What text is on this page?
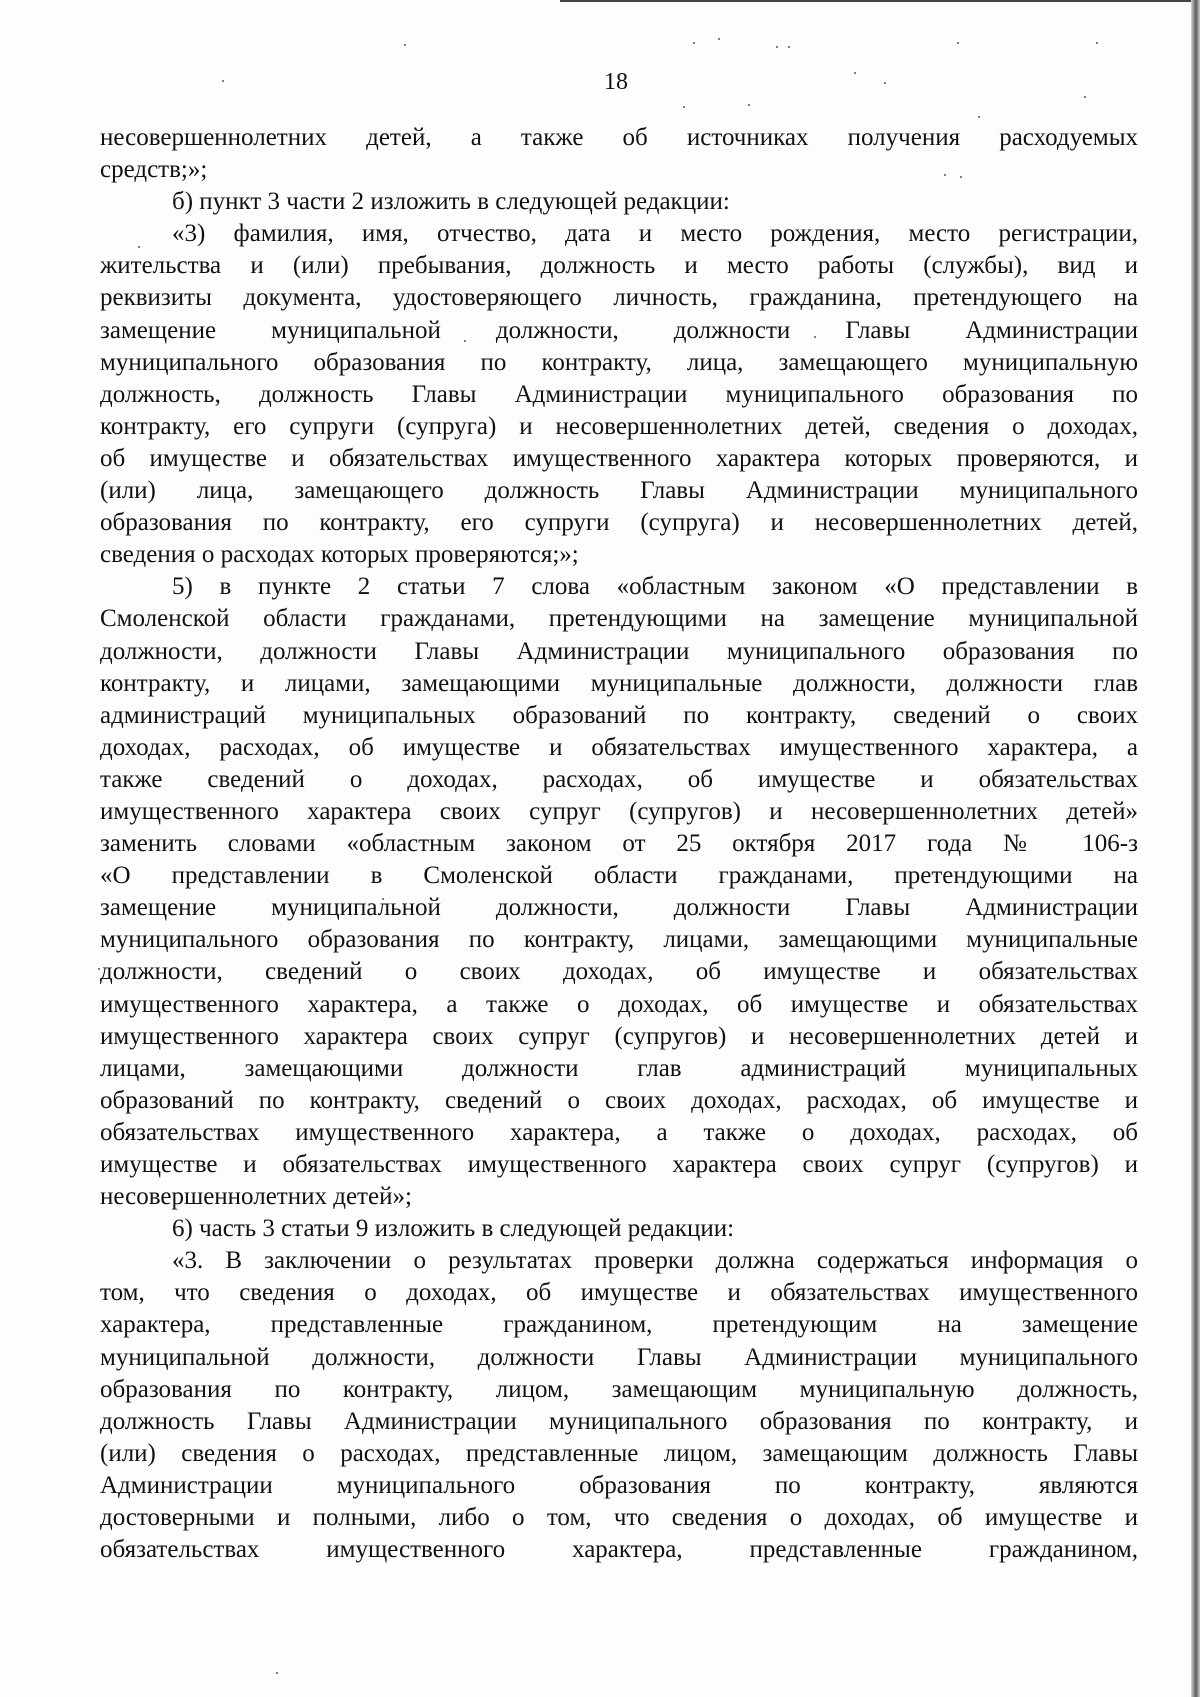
18
несовершеннолетних детей, а также об источниках получения расходуемых
средств;»;
б) пункт 3 части 2 изложить в следующей редакции:
«3) фамилия, имя, отчество, дата и место рождения, место регистрации,
жительства и (или) пребывания, должность и место работы (службы), вид и
реквизиты документа, удостоверяющего личность, гражданина, претендующего на
замещение муниципальной должности, должности Главы Администрации
муниципального образования по контракту, лица, замещающего муниципальную
должность, должность Главы Администрации муниципального образования по
контракту, его супруги (супруга) и несовершеннолетних детей, сведения о доходах,
об имуществе и обязательствах имущественного характера которых проверяются, и
(или) лица, замещающего должность Главы Администрации муниципального
образования по контракту, его супруги (супруга) и несовершеннолетних детей,
сведения о расходах которых проверяются;»;
5) в пункте 2 статьи 7 слова «областным законом «О представлении в
Смоленской области гражданами, претендующими на замещение муниципальной
должности, должности Главы Администрации муниципального образования по
контракту, и лицами, замещающими муниципальные должности, должности глав
администраций муниципальных образований по контракту, сведений о своих
доходах, расходах, об имуществе и обязательствах имущественного характера, а
также сведений о доходах, расходах, об имуществе и обязательствах
имущественного характера своих супруг (супругов) и несовершеннолетних детей»
заменить словами «областным законом от 25 октября 2017 года № 106-з
«О представлении в Смоленской области гражданами, претендующими на
замещение муниципальной должности, должности Главы Администрации
муниципального образования по контракту, лицами, замещающими муниципальные
должности, сведений о своих доходах, об имуществе и обязательствах
имущественного характера, а также о доходах, об имуществе и обязательствах
имущественного характера своих супруг (супругов) и несовершеннолетних детей и
лицами, замещающими должности глав администраций муниципальных
образований по контракту, сведений о своих доходах, расходах, об имуществе и
обязательствах имущественного характера, а также о доходах, расходах, об
имуществе и обязательствах имущественного характера своих супруг (супругов) и
несовершеннолетних детей»;
6) часть 3 статьи 9 изложить в следующей редакции:
«3. В заключении о результатах проверки должна содержаться информация о
том, что сведения о доходах, об имуществе и обязательствах имущественного
характера, представленные гражданином, претендующим на замещение
муниципальной должности, должности Главы Администрации муниципального
образования по контракту, лицом, замещающим муниципальную должность,
должность Главы Администрации муниципального образования по контракту, и
(или) сведения о расходах, представленные лицом, замещающим должность Главы
Администрации муниципального образования по контракту, являются
достоверными и полными, либо о том, что сведения о доходах, об имуществе и
обязательствах имущественного характера, представленные гражданином,
